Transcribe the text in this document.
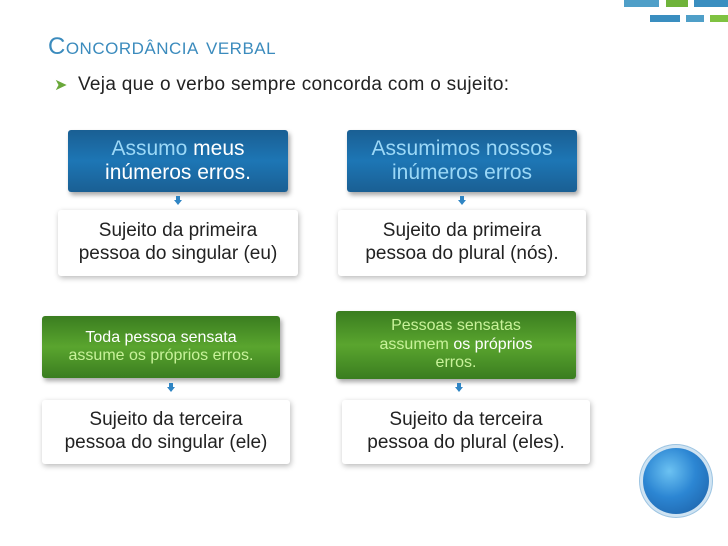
Concordância verbal
➤ Veja que o verbo sempre concorda com o sujeito:
Assumo meus
inúmeros erros.
Sujeito da primeira
pessoa do singular (eu)
Assumimos nossos
inúmeros erros
Sujeito da primeira
pessoa do plural (nós).
Toda pessoa sensata
assume os próprios erros.
Sujeito da terceira
pessoa do singular (ele)
Pessoas sensatas
assumem os próprios
erros.
Sujeito da terceira
pessoa do plural (eles).
